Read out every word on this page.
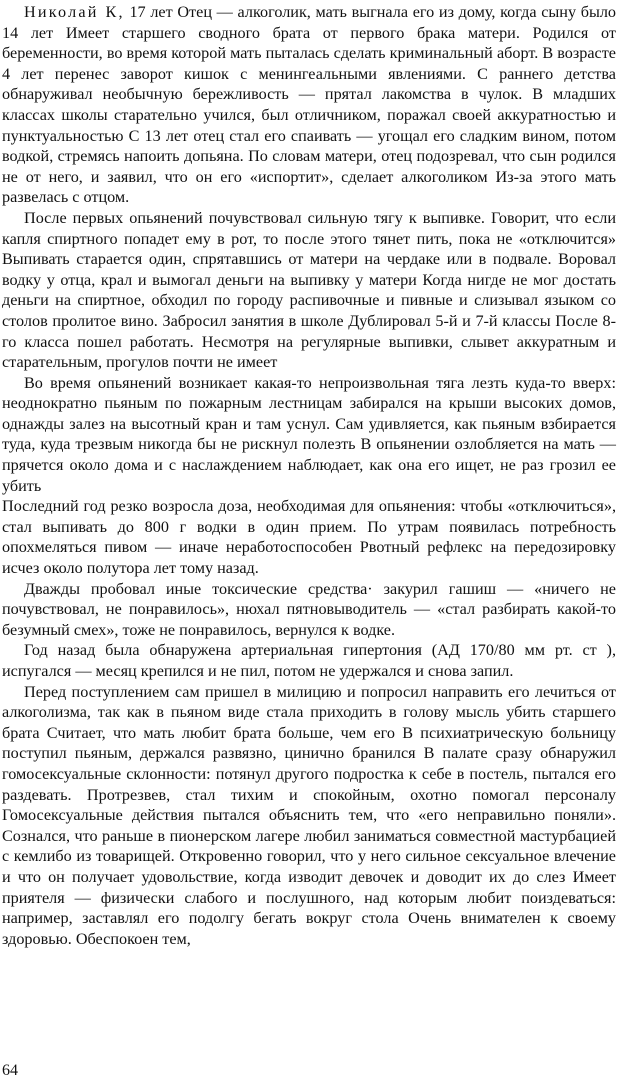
Николай К, 17 лет Отец — алкоголик, мать выгнала его из дому, когда сыну было 14 лет Имеет старшего сводного брата от первого брака матери. Родился от беременности, во время которой мать пыталась сделать криминальный аборт. В возрасте 4 лет перенес заворот кишок с менингеальными явлениями. С раннего детства обнаруживал необычную бережливость — прятал лакомства в чулок. В младших классах школы старательно учился, был отличником, поражал своей аккуратностью и пунктуальностью С 13 лет отец стал его спаивать — угощал его сладким вином, потом водкой, стремясь напоить допьяна. По словам матери, отец подозревал, что сын родился не от него, и заявил, что он его «испортит», сделает алкоголиком Из-за этого мать развелась с отцом.

После первых опьянений почувствовал сильную тягу к выпивке. Говорит, что если капля спиртного попадет ему в рот, то после этого тянет пить, пока не «отключится» Выпивать старается один, спрятавшись от матери на чердаке или в подвале. Воровал водку у отца, крал и вымогал деньги на выпивку у матери Когда нигде не мог достать деньги на спиртное, обходил по городу распивочные и пивные и слизывал языком со столов пролитое вино. Забросил занятия в школе Дублировал 5-й и 7-й классы После 8-го класса пошел работать. Несмотря на регулярные выпивки, слывет аккуратным и старательным, прогулов почти не имеет

Во время опьянений возникает какая-то непроизвольная тяга лезть куда-то вверх: неоднократно пьяным по пожарным лестницам забирался на крыши высоких домов, однажды залез на высотный кран и там уснул. Сам удивляется, как пьяным взбирается туда, куда трезвым никогда бы не рискнул полезть В опьянении озлобляется на мать — прячется около дома и с наслаждением наблюдает, как она его ищет, не раз грозил ее убить

Последний год резко возросла доза, необходимая для опьянения: чтобы «отключиться», стал выпивать до 800 г водки в один прием. По утрам появилась потребность опохмеляться пивом — иначе неработоспособен Рвотный рефлекс на передозировку исчез около полутора лет тому назад.

Дважды пробовал иные токсические средства· закурил гашиш — «ничего не почувствовал, не понравилось», нюхал пятновыводитель — «стал разбирать какой-то безумный смех», тоже не понравилось, вернулся к водке.

Год назад была обнаружена артериальная гипертония (АД 170/80 мм рт. ст ), испугался — месяц крепился и не пил, потом не удержался и снова запил.

Перед поступлением сам пришел в милицию и попросил направить его лечиться от алкоголизма, так как в пьяном виде стала приходить в голову мысль убить старшего брата Считает, что мать любит брата больше, чем его В психиатрическую больницу поступил пьяным, держался развязно, цинично бранился В палате сразу обнаружил гомосексуальные склонности: потянул другого подростка к себе в постель, пытался его раздевать. Протрезвев, стал тихим и спокойным, охотно помогал персоналу Гомосексуальные действия пытался объяснить тем, что «его неправильно поняли». Сознался, что раньше в пионерском лагере любил заниматься совместной мастурбацией с кемлибо из товарищей. Откровенно говорил, что у него сильное сексуальное влечение и что он получает удовольствие, когда изводит девочек и доводит их до слез Имеет приятеля — физически слабого и послушного, над которым любит поиздеваться: например, заставлял его подолгу бегать вокруг стола Очень внимателен к своему здоровью. Обеспокоен тем,

64
